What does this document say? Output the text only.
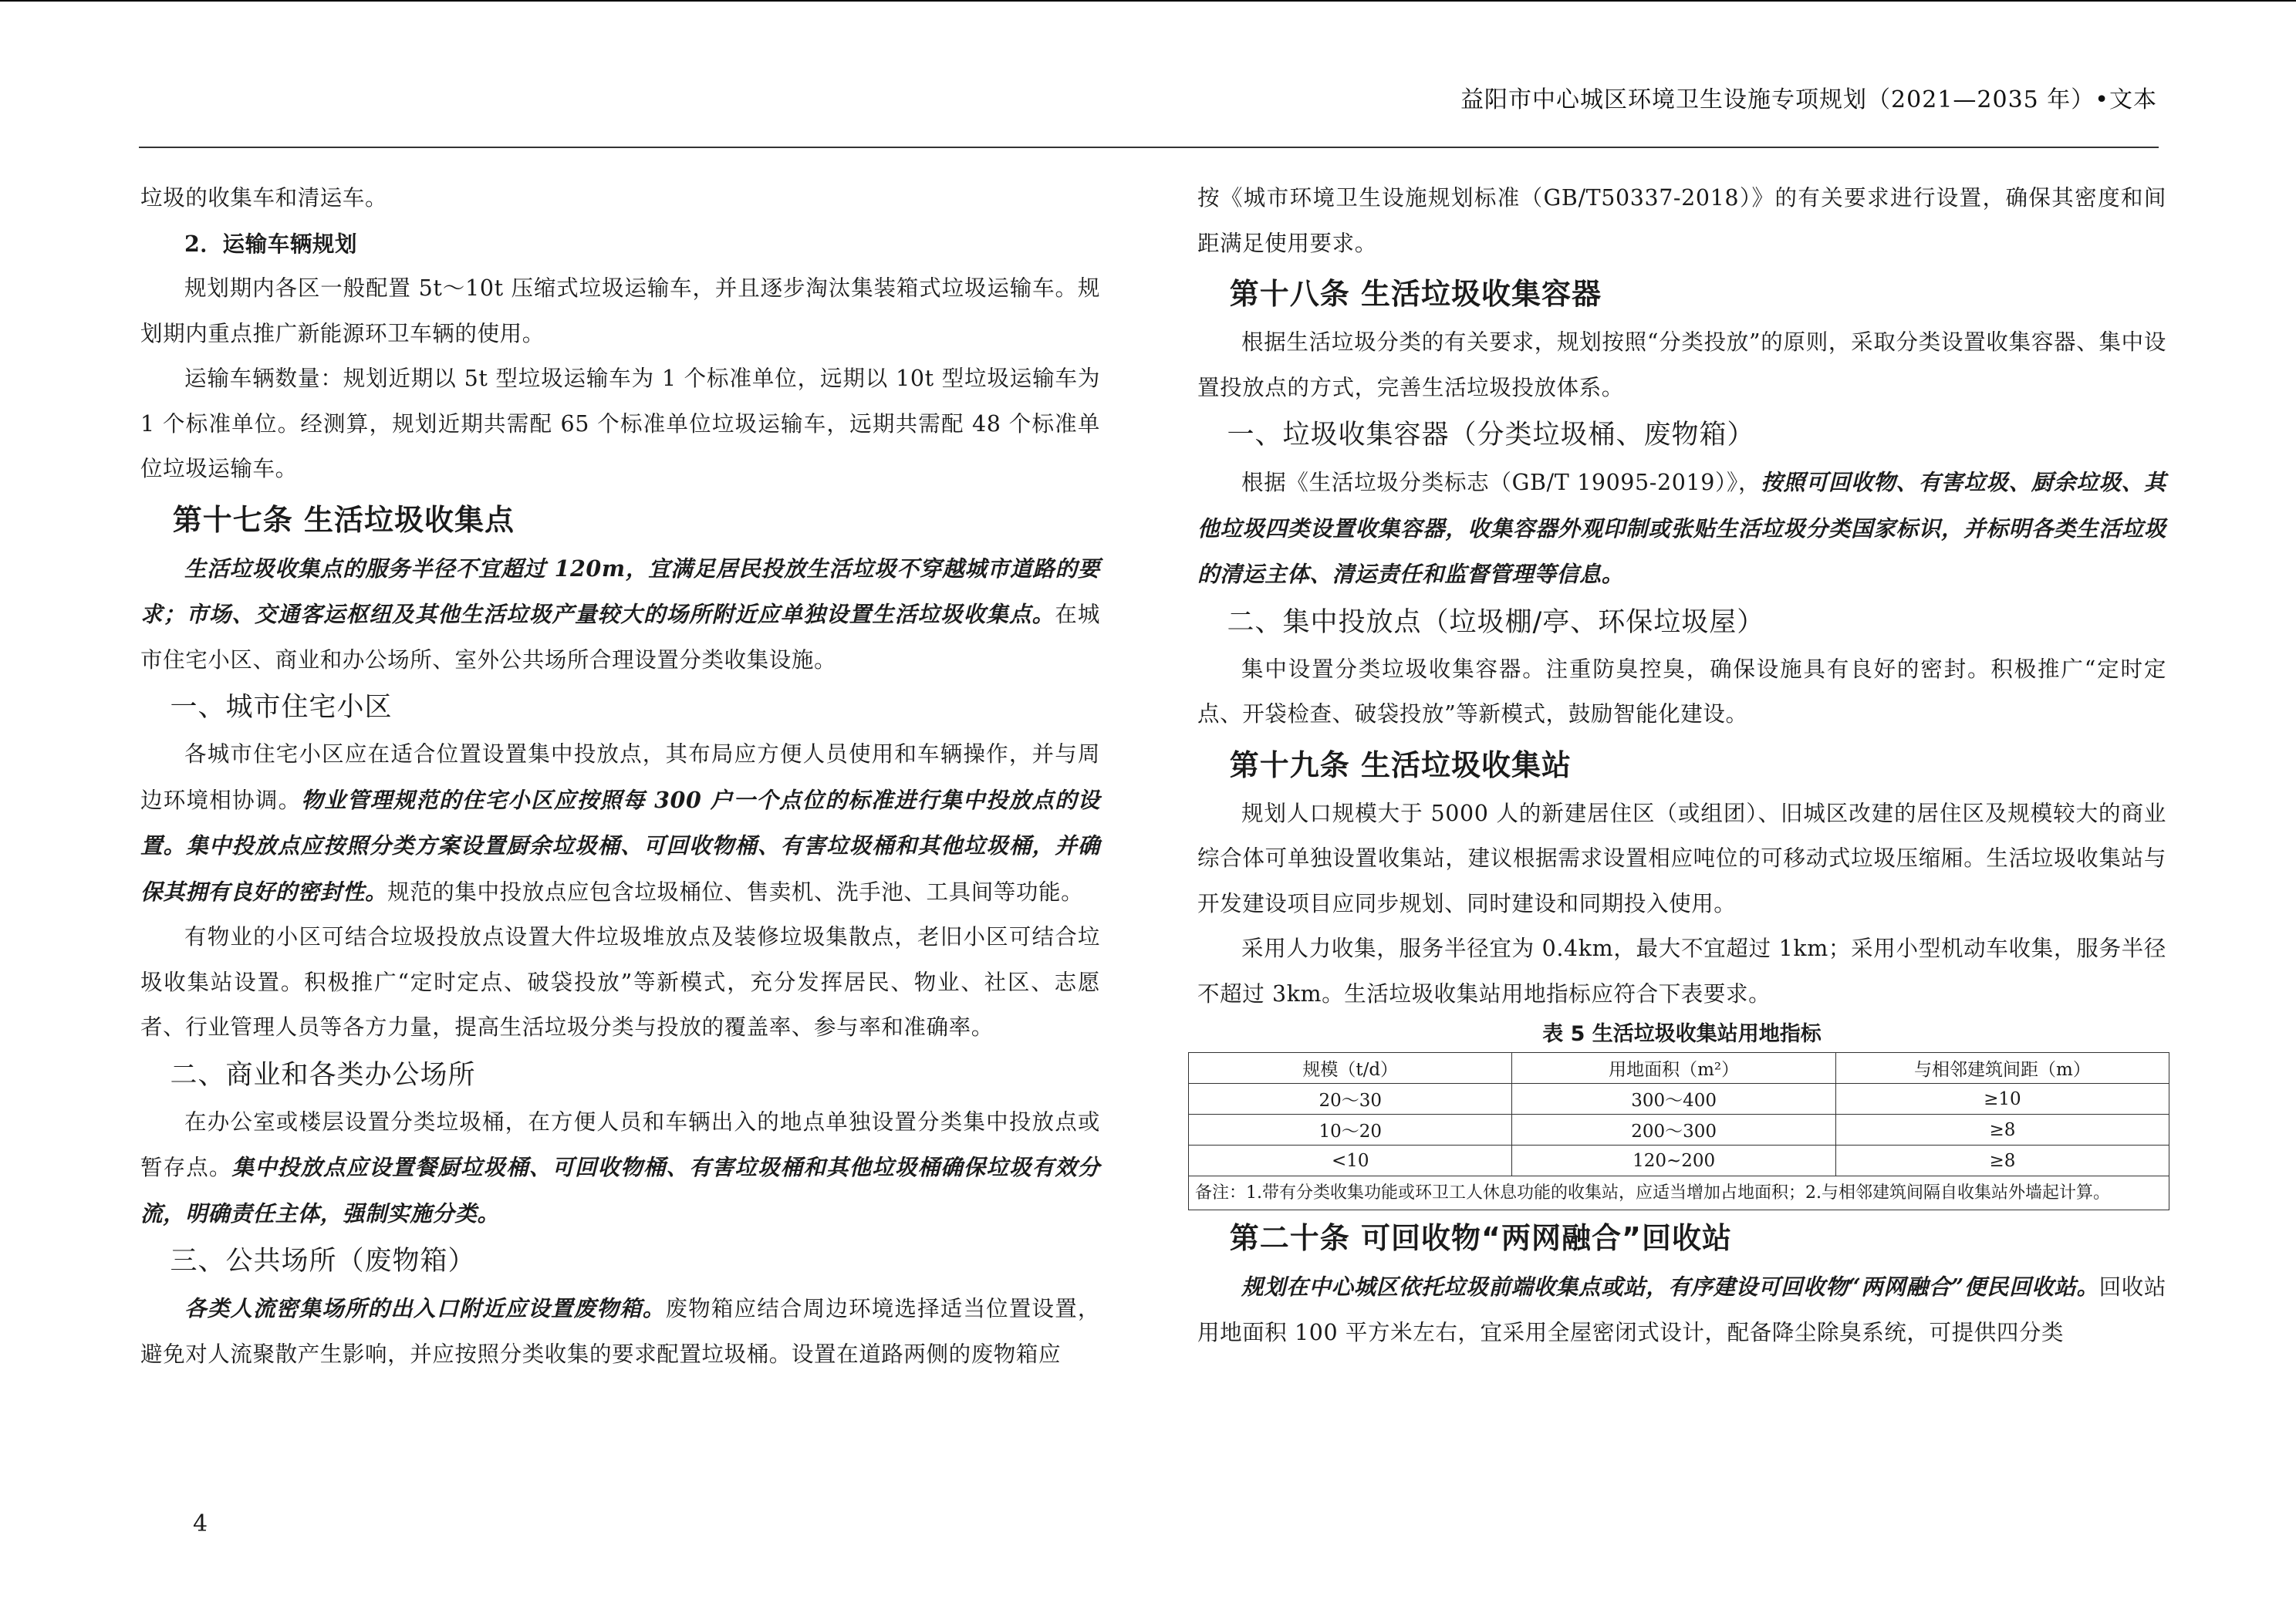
益阳市中心城区环境卫生设施专项规划（2021—2035 年）•文本

垃圾的收集车和清运车。

2．运输车辆规划

规划期内各区一般配置 5t～10t 压缩式垃圾运输车，并且逐步淘汰集装箱式垃圾运输车。规划期内重点推广新能源环卫车辆的使用。

运输车辆数量：规划近期以 5t 型垃圾运输车为 1 个标准单位，远期以 10t 型垃圾运输车为 1 个标准单位。经测算，规划近期共需配 65 个标准单位垃圾运输车，远期共需配 48 个标准单位垃圾运输车。

第十七条 生活垃圾收集点

生活垃圾收集点的服务半径不宜超过 120m，宜满足居民投放生活垃圾不穿越城市道路的要求；市场、交通客运枢纽及其他生活垃圾产量较大的场所附近应单独设置生活垃圾收集点。在城市住宅小区、商业和办公场所、室外公共场所合理设置分类收集设施。

一、城市住宅小区

各城市住宅小区应在适合位置设置集中投放点，其布局应方便人员使用和车辆操作，并与周边环境相协调。物业管理规范的住宅小区应按照每 300 户一个点位的标准进行集中投放点的设置。集中投放点应按照分类方案设置厨余垃圾桶、可回收物桶、有害垃圾桶和其他垃圾桶，并确保其拥有良好的密封性。规范的集中投放点应包含垃圾桶位、售卖机、洗手池、工具间等功能。

有物业的小区可结合垃圾投放点设置大件垃圾堆放点及装修垃圾集散点，老旧小区可结合垃圾收集站设置。积极推广“定时定点、破袋投放”等新模式，充分发挥居民、物业、社区、志愿者、行业管理人员等各方力量，提高生活垃圾分类与投放的覆盖率、参与率和准确率。

二、商业和各类办公场所

在办公室或楼层设置分类垃圾桶，在方便人员和车辆出入的地点单独设置分类集中投放点或暂存点。集中投放点应设置餐厨垃圾桶、可回收物桶、有害垃圾桶和其他垃圾桶确保垃圾有效分流，明确责任主体，强制实施分类。

三、公共场所（废物箱）

各类人流密集场所的出入口附近应设置废物箱。废物箱应结合周边环境选择适当位置设置，避免对人流聚散产生影响，并应按照分类收集的要求配置垃圾桶。设置在道路两侧的废物箱应

按《城市环境卫生设施规划标准（GB/T50337-2018）》的有关要求进行设置，确保其密度和间距满足使用要求。

第十八条 生活垃圾收集容器

根据生活垃圾分类的有关要求，规划按照“分类投放”的原则，采取分类设置收集容器、集中设置投放点的方式，完善生活垃圾投放体系。

一、垃圾收集容器（分类垃圾桶、废物箱）

根据《生活垃圾分类标志（GB/T 19095-2019）》，按照可回收物、有害垃圾、厨余垃圾、其他垃圾四类设置收集容器，收集容器外观印制或张贴生活垃圾分类国家标识，并标明各类生活垃圾的清运主体、清运责任和监督管理等信息。

二、集中投放点（垃圾棚/亭、环保垃圾屋）

集中设置分类垃圾收集容器。注重防臭控臭，确保设施具有良好的密封。积极推广“定时定点、开袋检查、破袋投放”等新模式，鼓励智能化建设。

第十九条 生活垃圾收集站

规划人口规模大于 5000 人的新建居住区（或组团）、旧城区改建的居住区及规模较大的商业综合体可单独设置收集站，建议根据需求设置相应吨位的可移动式垃圾压缩厢。生活垃圾收集站与开发建设项目应同步规划、同时建设和同期投入使用。

采用人力收集，服务半径宜为 0.4km，最大不宜超过 1km；采用小型机动车收集，服务半径不超过 3km。生活垃圾收集站用地指标应符合下表要求。

表 5 生活垃圾收集站用地指标
规模（t/d）	用地面积（m²）	与相邻建筑间距（m）
20～30	300～400	≥10
10～20	200～300	≥8
<10	120~200	≥8
备注：1.带有分类收集功能或环卫工人休息功能的收集站，应适当增加占地面积；2.与相邻建筑间隔自收集站外墙起计算。		
第二十条 可回收物“两网融合”回收站

规划在中心城区依托垃圾前端收集点或站，有序建设可回收物“两网融合”便民回收站。回收站用地面积 100 平方米左右，宜采用全屋密闭式设计，配备降尘除臭系统，可提供四分类

4
